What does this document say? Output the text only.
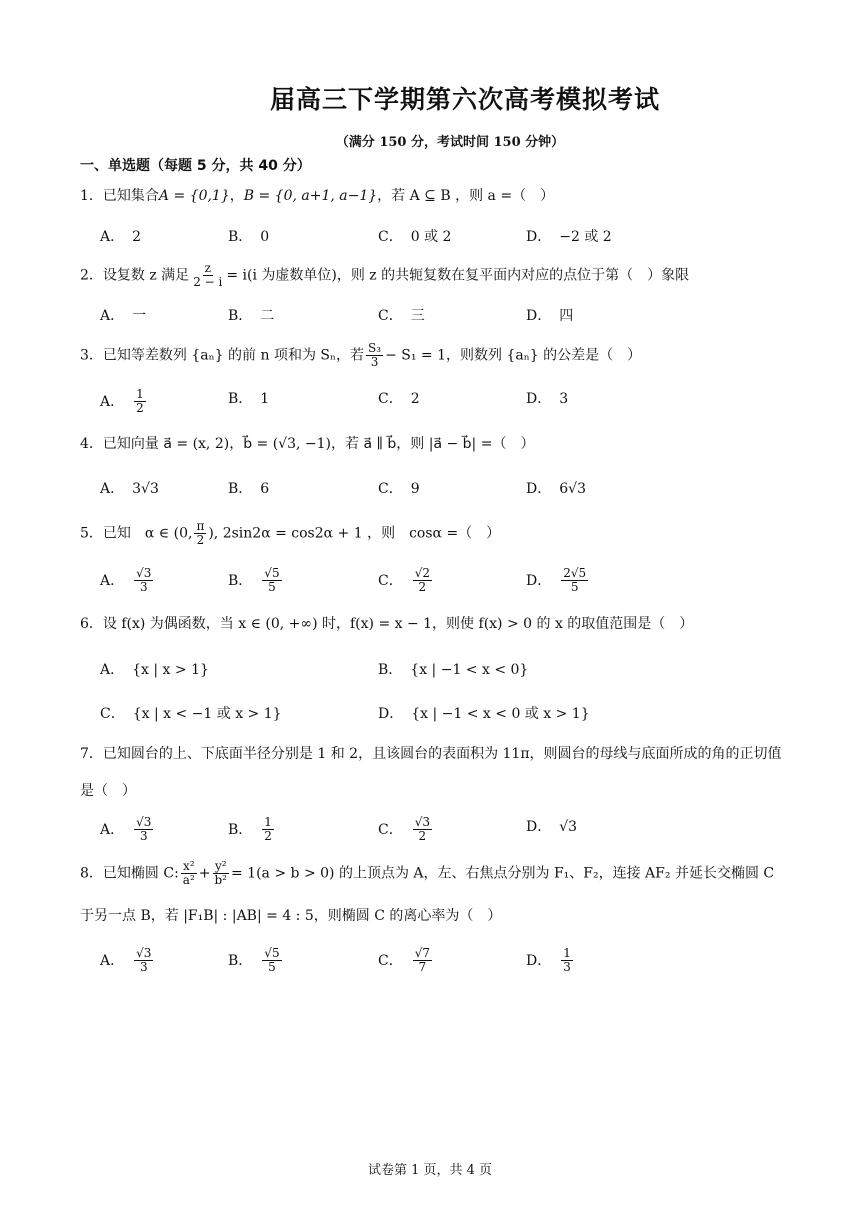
届高三下学期第六次高考模拟考试
（满分 150 分，考试时间 150 分钟）
一、单选题（每题 5 分，共 40 分）
1．已知集合A = {0,1}，B = {0, a+1, a−1}，若 A ⊆ B ，则 a =（　）
A． 2	B． 0	C． 0 或 2	D． −2 或 2
2．设复数 z 满足 $\frac{z}{2 - i} = i(i$ 为虚数单位)，则 z 的共轭复数在复平面内对应的点位于第（　）象限
A． 一	B． 二	C． 三	D． 四
3．已知等差数列 {aₙ} 的前 n 项和为 Sₙ，若 $\frac{\text{S₃}}{3} - S_1 = 1$，则数列 {aₙ} 的公差是（　）
A． $\frac{1}{2}$	B． 1	C． 2	D． 3
4．已知向量 a⃗ = (x, 2)，b⃗ = (√3, −1)，若 a⃗ ∥ b⃗，则 |a⃗ − b⃗| =（　）
A． 3√3	B． 6	C． 9	D． 6√3
5．已知　α ∈ (0, $\frac{\pi}{2}$ ), 2sin2α = cos2α + 1 ，则　cosα =（　）
A． $\frac{√3}{3}$	B． $\frac{√5}{5}$	C． $\frac{√2}{2}$	D． $\frac{2√5}{5}$
6．设 f(x) 为偶函数，当 x ∈ (0, +∞) 时，f(x) = x − 1，则使 f(x) > 0 的 x 的取值范围是（　）
A． {x | x > 1}	B． {x | −1 < x < 0}
C． {x | x < −1 或 x > 1}	D． {x | −1 < x < 0 或 x > 1}
7．已知圆台的上、下底面半径分别是 1 和 2，且该圆台的表面积为 11π，则圆台的母线与底面所成的角的正切值是（　）
A． $\frac{√3}{3}$	B． $\frac{1}{2}$	C． $\frac{√3}{2}$	D． √3
8．已知椭圆 C: $\frac{\text{x²}}{\text{a²}} + \frac{\text{y²}}{\text{b²}} = 1(a > b > 0)$ 的上顶点为 A，左、右焦点分别为 F₁、F₂，连接 AF₂ 并延长交椭圆 C
于另一点 B，若 |F₁B| : |AB| = 4 : 5，则椭圆 C 的离心率为（　）
A． $\frac{√3}{3}$	B． $\frac{√5}{5}$	C． $\frac{√7}{7}$	D． $\frac{1}{3}$
试卷第 1 页，共 4 页
